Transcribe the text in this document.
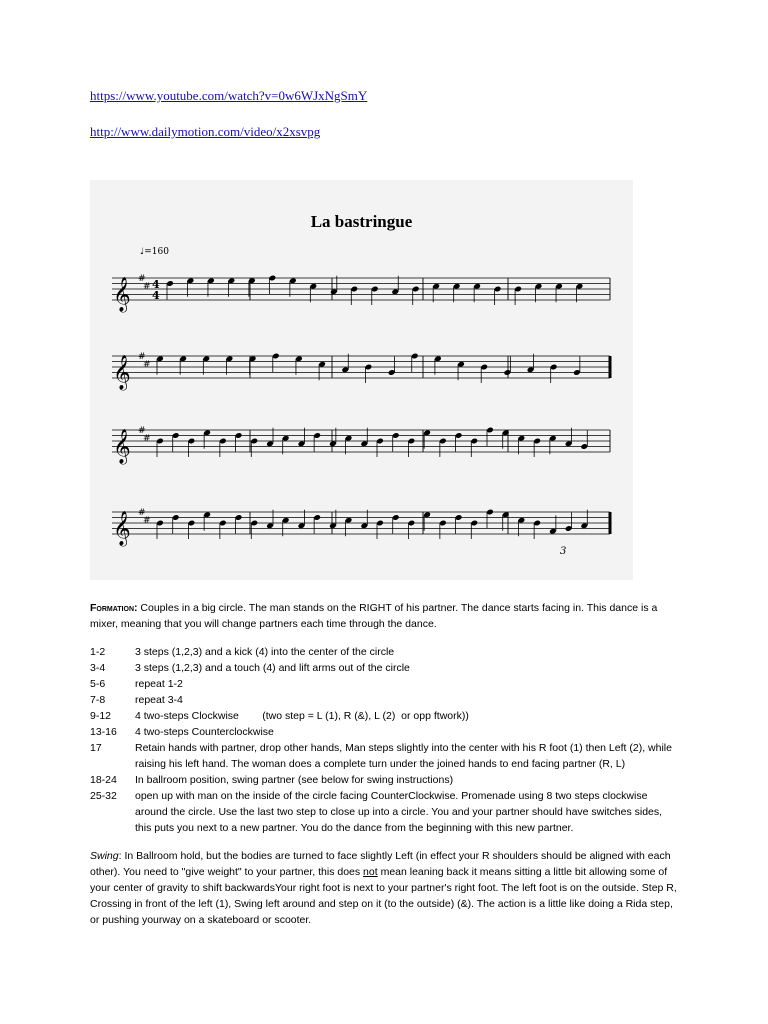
https://www.youtube.com/watch?v=0w6WJxNgSmY
http://www.dailymotion.com/video/x2xsvpg
La bastringue
𝄞 #
# 4
4
♩=160
𝄞 #
#
𝄞 #
#
𝄞 #
#
3

Formation: Couples in a big circle. The man stands on the RIGHT of his partner. The dance starts facing in. This dance is a mixer, meaning that you will change partners each time through the dance.

1-2	3 steps (1,2,3) and a kick (4) into the center of the circle
3-4	3 steps (1,2,3) and a touch (4) and lift arms out of the circle
5-6	repeat 1-2
7-8	repeat 3-4
9-12	4 two-steps Clockwise        (two step = L (1), R (&), L (2)  or opp ftwork))
13-16	4 two-steps Counterclockwise
17	Retain hands with partner, drop other hands, Man steps slightly into the center with his R foot (1) then Left (2), while raising his left hand. The woman does a complete turn under the joined hands to end facing partner (R, L)
18-24	In ballroom position, swing partner (see below for swing instructions)
25-32	open up with man on the inside of the circle facing CounterClockwise. Promenade using 8 two steps clockwise around the circle. Use the last two step to close up into a circle. You and your partner should have switches sides, this puts you next to a new partner. You do the dance from the beginning with this new partner.

Swing: In Ballroom hold, but the bodies are turned to face slightly Left (in effect your R shoulders should be aligned with each other). You need to "give weight" to your partner, this does not mean leaning back it means sitting a little bit allowing some of your center of gravity to shift backwardsYour right foot is next to your partner's right foot. The left foot is on the outside. Step R, Crossing in front of the left (1), Swing left around and step on it (to the outside) (&). The action is a little like doing a Rida step, or pushing yourway on a skateboard or scooter.
